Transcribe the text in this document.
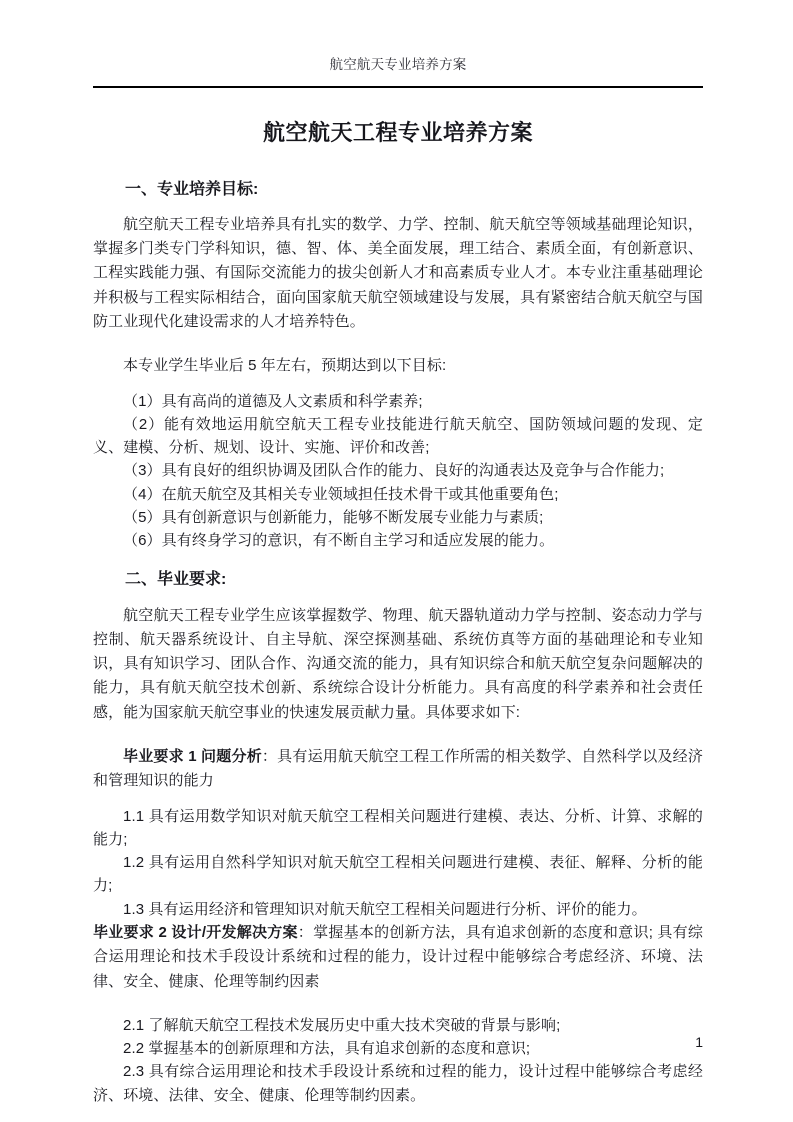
航空航天专业培养方案
航空航天工程专业培养方案
一、专业培养目标:

航空航天工程专业培养具有扎实的数学、力学、控制、航天航空等领域基础理论知识，掌握多门类专门学科知识，德、智、体、美全面发展，理工结合、素质全面，有创新意识、工程实践能力强、有国际交流能力的拔尖创新人才和高素质专业人才。本专业注重基础理论并积极与工程实际相结合，面向国家航天航空领域建设与发展，具有紧密结合航天航空与国防工业现代化建设需求的人才培养特色。

本专业学生毕业后 5 年左右，预期达到以下目标:

（1）具有高尚的道德及人文素质和科学素养;

（2）能有效地运用航空航天工程专业技能进行航天航空、国防领域问题的发现、定义、建模、分析、规划、设计、实施、评价和改善;

（3）具有良好的组织协调及团队合作的能力、良好的沟通表达及竞争与合作能力;

（4）在航天航空及其相关专业领域担任技术骨干或其他重要角色;

（5）具有创新意识与创新能力，能够不断发展专业能力与素质;

（6）具有终身学习的意识，有不断自主学习和适应发展的能力。

二、毕业要求:

航空航天工程专业学生应该掌握数学、物理、航天器轨道动力学与控制、姿态动力学与控制、航天器系统设计、自主导航、深空探测基础、系统仿真等方面的基础理论和专业知识，具有知识学习、团队合作、沟通交流的能力，具有知识综合和航天航空复杂问题解决的能力，具有航天航空技术创新、系统综合设计分析能力。具有高度的科学素养和社会责任感，能为国家航天航空事业的快速发展贡献力量。具体要求如下:

毕业要求 1 问题分析：具有运用航天航空工程工作所需的相关数学、自然科学以及经济和管理知识的能力

1.1 具有运用数学知识对航天航空工程相关问题进行建模、表达、分析、计算、求解的能力;

1.2 具有运用自然科学知识对航天航空工程相关问题进行建模、表征、解释、分析的能力;

1.3 具有运用经济和管理知识对航天航空工程相关问题进行分析、评价的能力。

毕业要求 2 设计/开发解决方案：掌握基本的创新方法，具有追求创新的态度和意识; 具有综合运用理论和技术手段设计系统和过程的能力，设计过程中能够综合考虑经济、环境、法律、安全、健康、伦理等制约因素

2.1 了解航天航空工程技术发展历史中重大技术突破的背景与影响;

2.2 掌握基本的创新原理和方法，具有追求创新的态度和意识;

2.3 具有综合运用理论和技术手段设计系统和过程的能力，设计过程中能够综合考虑经济、环境、法律、安全、健康、伦理等制约因素。

1
